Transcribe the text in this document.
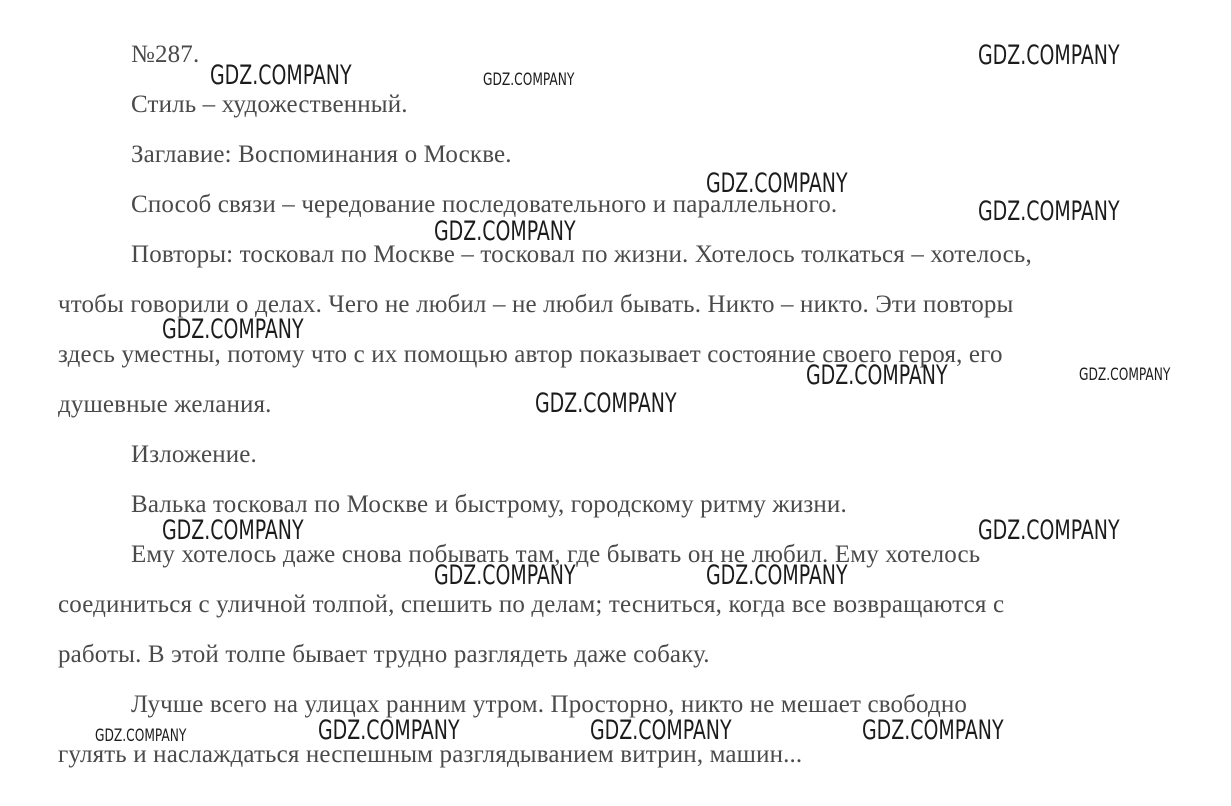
№287.
Стиль – художественный.
Заглавие: Воспоминания о Москве.
Способ связи – чередование последовательного и параллельного.
Повторы: тосковал по Москве – тосковал по жизни. Хотелось толкаться – хотелось,
чтобы говорили о делах. Чего не любил – не любил бывать. Никто – никто. Эти повторы
здесь уместны, потому что с их помощью автор показывает состояние своего героя, его
душевные желания.
Изложение.
Валька тосковал по Москве и быстрому, городскому ритму жизни.
Ему хотелось даже снова побывать там, где бывать он не любил. Ему хотелось
соединиться с уличной толпой, спешить по делам; тесниться, когда все возвращаются с
работы. В этой толпе бывает трудно разглядеть даже собаку.
Лучше всего на улицах ранним утром. Просторно, никто не мешает свободно
гулять и наслаждаться неспешным разглядыванием витрин, машин...
GDZ.COMPANY	GDZ.COMPANY
GDZ.COMPANY
GDZ.COMPANY
GDZ.COMPANY
GDZ.COMPANY
GDZ.COMPANY
GDZ.COMPANY	GDZ.COMPANY
GDZ.COMPANY
GDZ.COMPANY	GDZ.COMPANY
GDZ.COMPANY	GDZ.COMPANY
GDZ.COMPANY	GDZ.COMPANY	GDZ.COMPANY	GDZ.COMPANY
